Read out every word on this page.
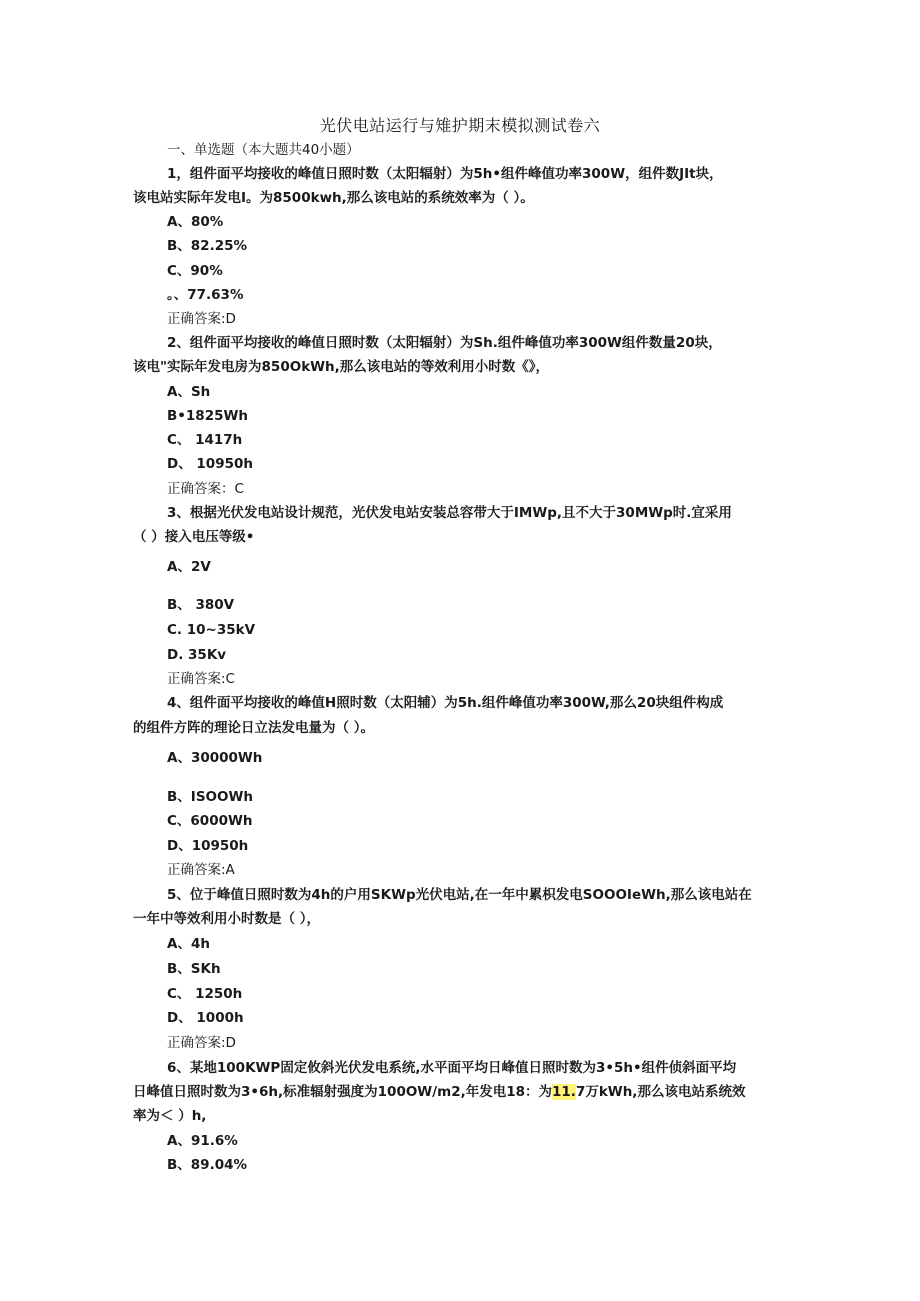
光伏电站运行与雉护期末模拟测试卷六
一、单选题（本大题共40小题）
1，组件面平均接收的峰值日照时数（太阳辐射）为5h•组件峰值功率300W，组件数JIt块，
该电站实际年发电I。为8500kwh,那么该电站的系统效率为（ ）。
A、80%
B、82.25%
C、90%
。、77.63%
正确答案:D
2、组件面平均接收的峰值日照时数（太阳辐射）为Sh.组件峰值功率300W组件数量20块，
该电"实际年发电房为850OkWh,那么该电站的等效利用小时数《》，
A、Sh
B•1825Wh
C、 1417h
D、 10950h
正确答案：C
3、根据光伏发电站设计规范，光伏发电站安装总容带大于IMWp,且不大于30MWp时.宜采用
（ ）接入电压等级•
A、2V
B、 380V
C. 10~35kV
D. 35Kv
正确答案:C
4、组件面平均接收的峰值H照时数（太阳辅）为5h.组件峰值功率300W,那么20块组件构成
的组件方阵的理论日立法发电量为（ ）。
A、30000Wh
B、ISOOWh
C、6000Wh
D、10950h
正确答案:A
5、位于峰值日照时数为4h的户用SKWp光伏电站,在一年中累枳发电SOOOIeWh,那么该电站在
一年中等效利用小时数是（ ），
A、4h
B、SKh
C、 1250h
D、 1000h
正确答案:D
6、某地100KWP固定攸斜光伏发电系统,水平面平均日峰值日照时数为3•5h•组件侦斜面平均
日峰值日照时数为3•6h,标准辐射强度为100OW/m2,年发电18：为11.7万kWh,那么该电站系统效
率为＜ ）h,
A、91.6%
B、89.04%
